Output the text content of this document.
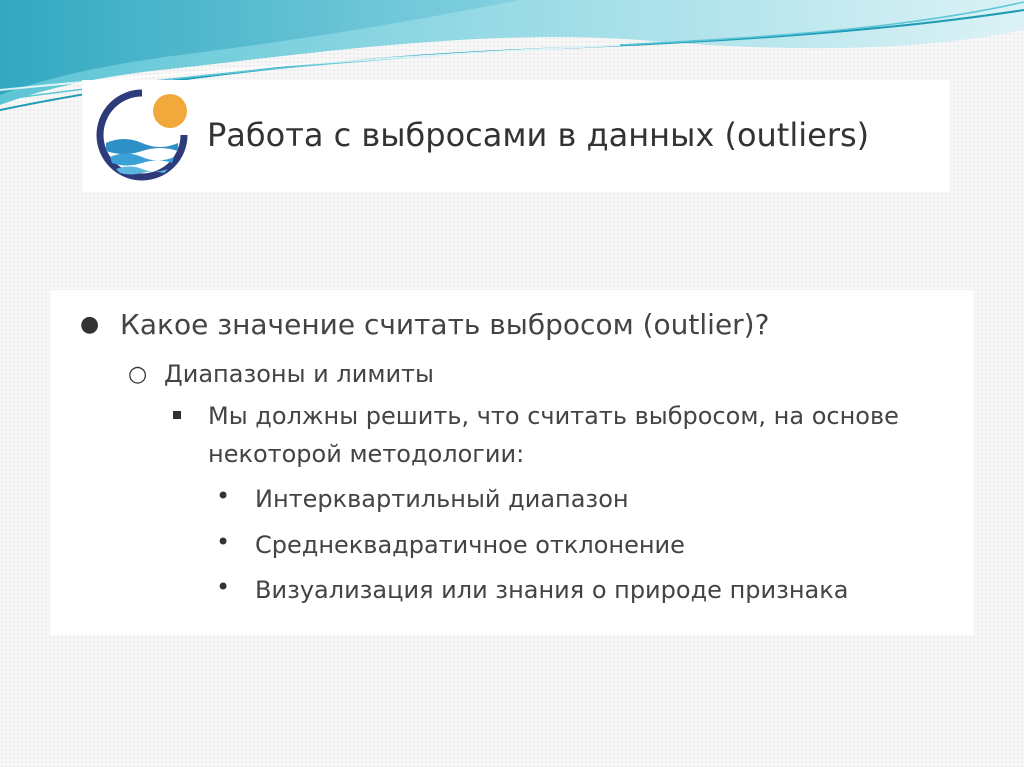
Работа с выбросами в данных (outliers)
● Какое значение считать выбросом (outlier)?
○ Диапазоны и лимиты
Мы должны решить, что считать выбросом, на основе
некоторой методологии:
• Интерквартильный диапазон
• Среднеквадратичное отклонение
• Визуализация или знания о природе признака
